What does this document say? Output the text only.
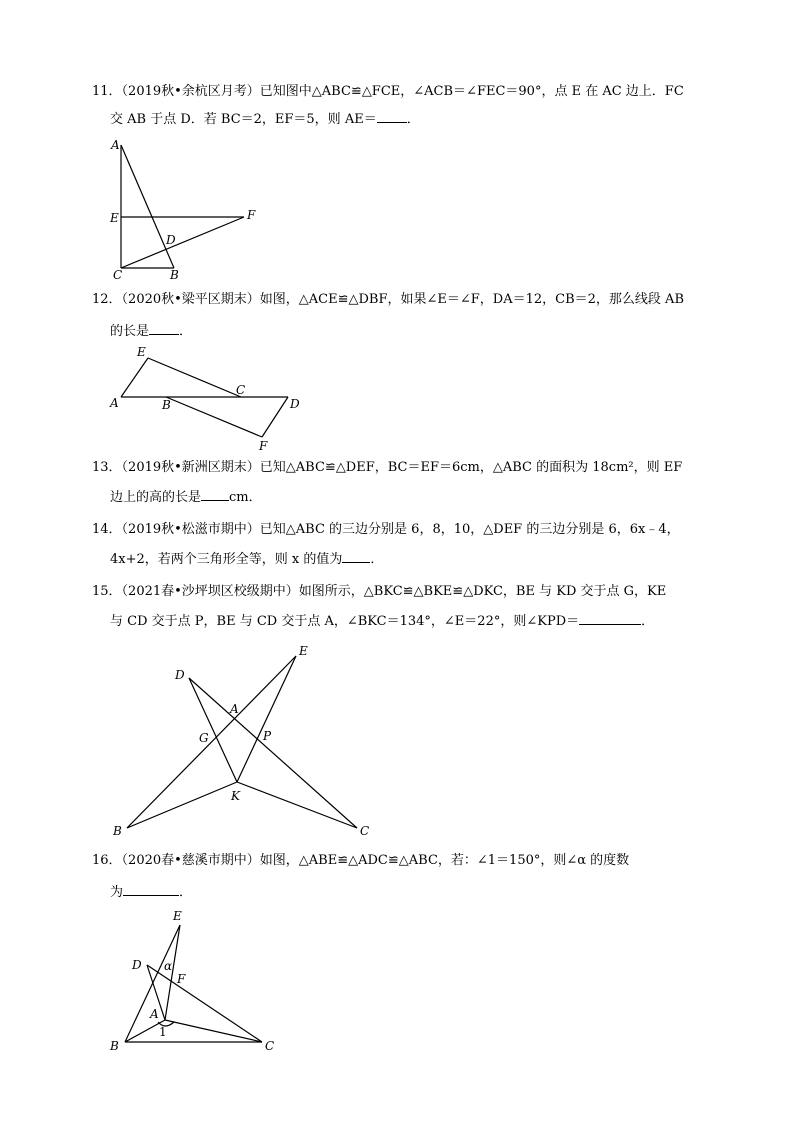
11．（2019秋•余杭区月考）已知图中△ABC≌△FCE，∠ACB＝∠FEC＝90°，点 E 在 AC 边上．FC
交 AB 于点 D．若 BC＝2，EF＝5，则 AE＝ ．
A
E	F
D
C	B
12．（2020秋•梁平区期末）如图，△ACE≌△DBF，如果∠E＝∠F，DA＝12，CB＝2，那么线段 AB
的长是 ．
E
A	B
C
D
F
13．（2019秋•新洲区期末）已知△ABC≌△DEF，BC＝EF＝6cm，△ABC 的面积为 18cm²，则 EF
边上的高的长是 cm．
14．（2019秋•松滋市期中）已知△ABC 的三边分别是 6，8，10，△DEF 的三边分别是 6，6x﹣4，
4x+2，若两个三角形全等，则 x 的值为 ．
15．（2021春•沙坪坝区校级期中）如图所示，△BKC≌△BKE≌△DKC，BE 与 KD 交于点 G，KE
与 CD 交于点 P，BE 与 CD 交于点 A，∠BKC＝134°，∠E＝22°，则∠KPD＝	．
D
E
A
G	P
K
B	C
16．（2020春•慈溪市期中）如图，△ABE≌△ADC≌△ABC，若：∠1＝150°，则∠α 的度数
为	．
E
D α
F
A
1
B	C
